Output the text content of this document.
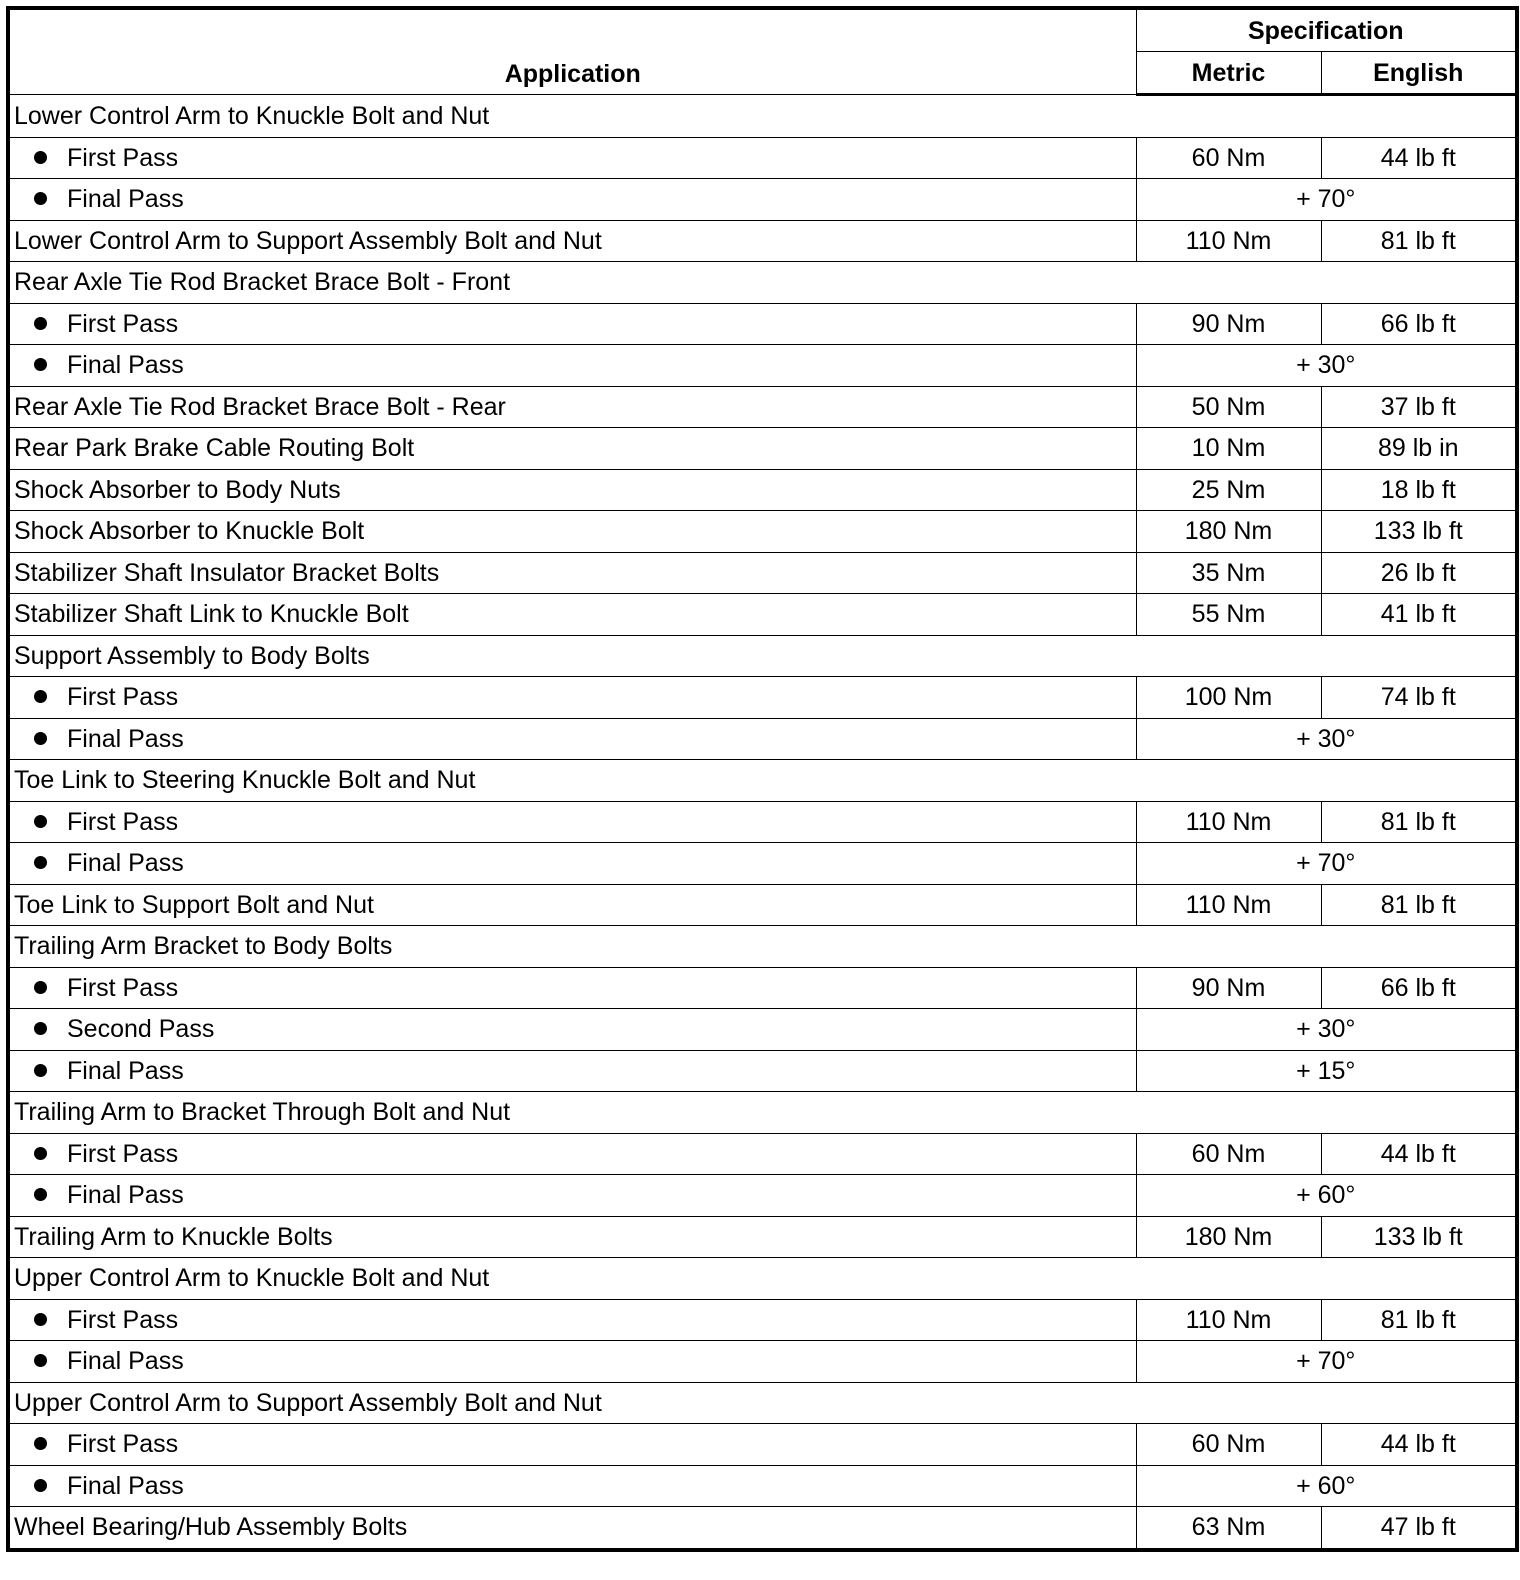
Application	Specification	
	Metric	English
Lower Control Arm to Knuckle Bolt and Nut		
First Pass	60 Nm	44 lb ft
Final Pass	+ 70°	
Lower Control Arm to Support Assembly Bolt and Nut	110 Nm	81 lb ft
Rear Axle Tie Rod Bracket Brace Bolt - Front		
First Pass	90 Nm	66 lb ft
Final Pass	+ 30°	
Rear Axle Tie Rod Bracket Brace Bolt - Rear	50 Nm	37 lb ft
Rear Park Brake Cable Routing Bolt	10 Nm	89 lb in
Shock Absorber to Body Nuts	25 Nm	18 lb ft
Shock Absorber to Knuckle Bolt	180 Nm	133 lb ft
Stabilizer Shaft Insulator Bracket Bolts	35 Nm	26 lb ft
Stabilizer Shaft Link to Knuckle Bolt	55 Nm	41 lb ft
Support Assembly to Body Bolts		
First Pass	100 Nm	74 lb ft
Final Pass	+ 30°	
Toe Link to Steering Knuckle Bolt and Nut		
First Pass	110 Nm	81 lb ft
Final Pass	+ 70°	
Toe Link to Support Bolt and Nut	110 Nm	81 lb ft
Trailing Arm Bracket to Body Bolts		
First Pass	90 Nm	66 lb ft
Second Pass	+ 30°	
Final Pass	+ 15°	
Trailing Arm to Bracket Through Bolt and Nut		
First Pass	60 Nm	44 lb ft
Final Pass	+ 60°	
Trailing Arm to Knuckle Bolts	180 Nm	133 lb ft
Upper Control Arm to Knuckle Bolt and Nut		
First Pass	110 Nm	81 lb ft
Final Pass	+ 70°	
Upper Control Arm to Support Assembly Bolt and Nut		
First Pass	60 Nm	44 lb ft
Final Pass	+ 60°	
Wheel Bearing/Hub Assembly Bolts	63 Nm	47 lb ft
